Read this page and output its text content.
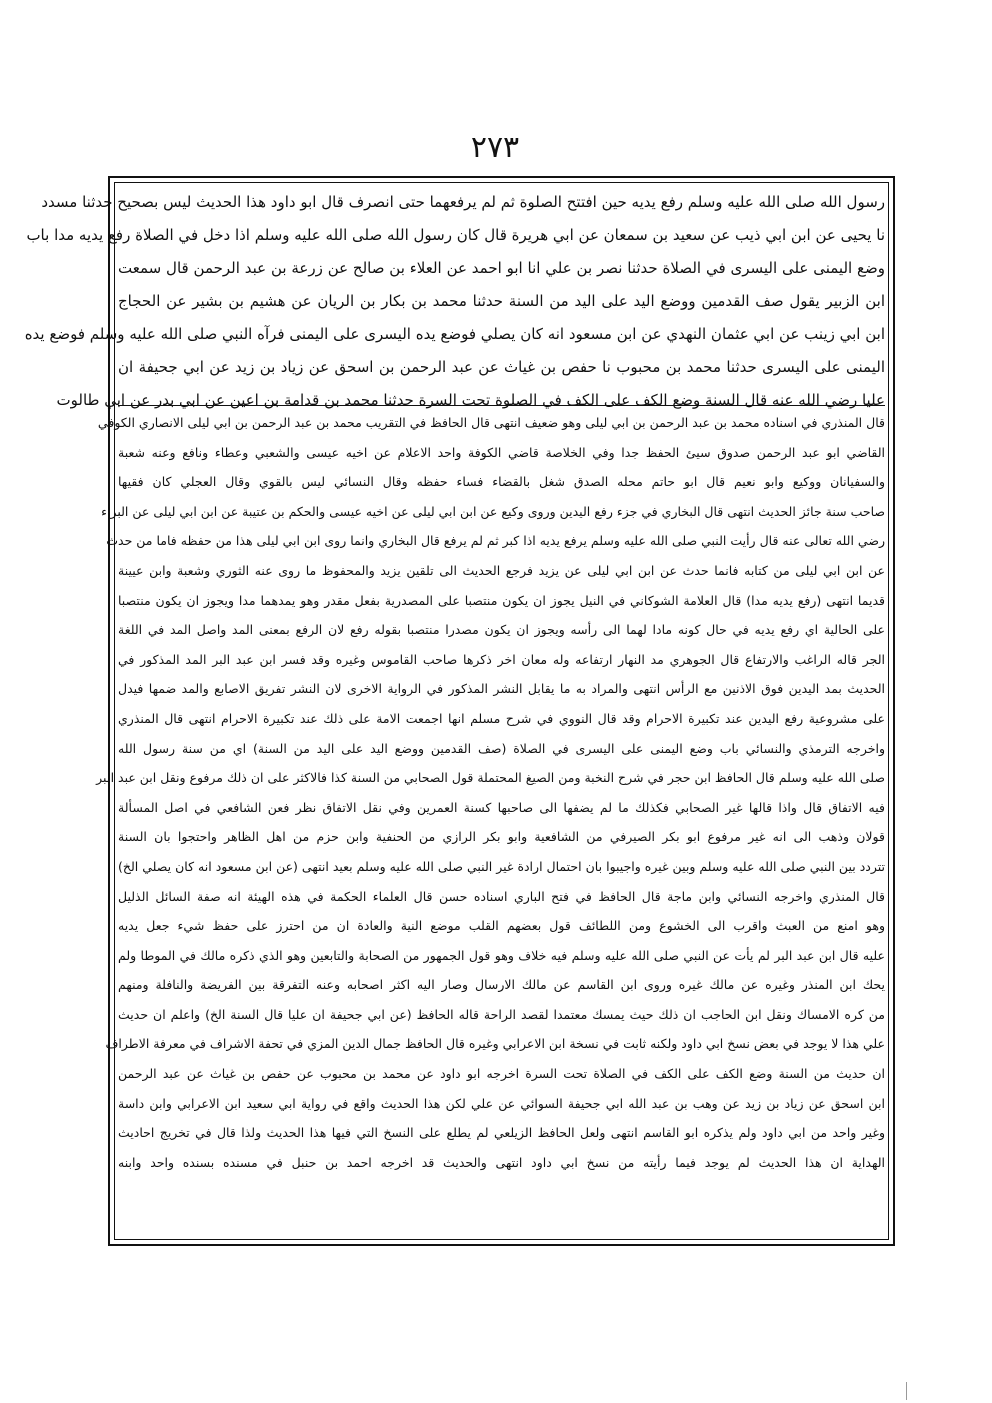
٢٧٣
رسول الله صلى الله عليه وسلم رفع يديه حين افتتح الصلوة ثم لم يرفعهما حتى انصرف قال ابو داود هذا الحديث ليس بصحيح حدثنا مسدد
نا يحيى عن ابن ابي ذيب عن سعيد بن سمعان عن ابي هريرة قال كان رسول الله صلى الله عليه وسلم اذا دخل في الصلاة رفع يديه مدا باب
وضع اليمنى على اليسرى في الصلاة حدثنا نصر بن علي انا ابو احمد عن العلاء بن صالح عن زرعة بن عبد الرحمن قال سمعت
ابن الزبير يقول صف القدمين ووضع اليد على اليد من السنة حدثنا محمد بن بكار بن الريان عن هشيم بن بشير عن الحجاج
ابن ابي زينب عن ابي عثمان النهدي عن ابن مسعود انه كان يصلي فوضع يده اليسرى على اليمنى فرآه النبي صلى الله عليه وسلم فوضع يده
اليمنى على اليسرى حدثنا محمد بن محبوب نا حفص بن غياث عن عبد الرحمن بن اسحق عن زياد بن زيد عن ابي جحيفة ان
عليا رضي الله عنه قال السنة وضع الكف على الكف في الصلوة تحت السرة حدثنا محمد بن قدامة بن اعين عن ابي بدر عن ابي طالوت
قال المنذري في اسناده محمد بن عبد الرحمن بن ابي ليلى وهو ضعيف انتهى قال الحافظ في التقريب محمد بن عبد الرحمن بن ابي ليلى الانصاري الكوفي
القاضي ابو عبد الرحمن صدوق سيئ الحفظ جدا وفي الخلاصة قاضي الكوفة واحد الاعلام عن اخيه عيسى والشعبي وعطاء ونافع وعنه شعبة
والسفيانان ووكيع وابو نعيم قال ابو حاتم محله الصدق شغل بالقضاء فساء حفظه وقال النسائي ليس بالقوي وقال العجلي كان فقيها
صاحب سنة جائز الحديث انتهى قال البخاري في جزء رفع اليدين وروى وكيع عن ابن ابي ليلى عن اخيه عيسى والحكم بن عتيبة عن ابن ابي ليلى عن البراء
رضي الله تعالى عنه قال رأيت النبي صلى الله عليه وسلم يرفع يديه اذا كبر ثم لم يرفع قال البخاري وانما روى ابن ابي ليلى هذا من حفظه فاما من حدث
عن ابن ابي ليلى من كتابه فانما حدث عن ابن ابي ليلى عن يزيد فرجع الحديث الى تلقين يزيد والمحفوظ ما روى عنه الثوري وشعبة وابن عيينة
قديما انتهى (رفع يديه مدا) قال العلامة الشوكاني في النيل يجوز ان يكون منتصبا على المصدرية بفعل مقدر وهو يمدهما مدا ويجوز ان يكون منتصبا
على الحالية اي رفع يديه في حال كونه مادا لهما الى رأسه ويجوز ان يكون مصدرا منتصبا بقوله رفع لان الرفع بمعنى المد واصل المد في اللغة
الجر قاله الراغب والارتفاع قال الجوهري مد النهار ارتفاعه وله معان اخر ذكرها صاحب القاموس وغيره وقد فسر ابن عبد البر المد المذكور في
الحديث بمد اليدين فوق الاذنين مع الرأس انتهى والمراد به ما يقابل النشر المذكور في الرواية الاخرى لان النشر تفريق الاصابع والمد ضمها فيدل
على مشروعية رفع اليدين عند تكبيرة الاحرام وقد قال النووي في شرح مسلم انها اجمعت الامة على ذلك عند تكبيرة الاحرام انتهى قال المنذري
واخرجه الترمذي والنسائي باب وضع اليمنى على اليسرى في الصلاة (صف القدمين ووضع اليد على اليد من السنة) اي من سنة رسول الله
صلى الله عليه وسلم قال الحافظ ابن حجر في شرح النخبة ومن الصيغ المحتملة قول الصحابي من السنة كذا فالاكثر على ان ذلك مرفوع ونقل ابن عبد البر
فيه الاتفاق قال واذا قالها غير الصحابي فكذلك ما لم يضفها الى صاحبها كسنة العمرين وفي نقل الاتفاق نظر فعن الشافعي في اصل المسألة
قولان وذهب الى انه غير مرفوع ابو بكر الصيرفي من الشافعية وابو بكر الرازي من الحنفية وابن حزم من اهل الظاهر واحتجوا بان السنة
تتردد بين النبي صلى الله عليه وسلم وبين غيره واجيبوا بان احتمال ارادة غير النبي صلى الله عليه وسلم بعيد انتهى (عن ابن مسعود انه كان يصلي الخ)
قال المنذري واخرجه النسائي وابن ماجة قال الحافظ في فتح الباري اسناده حسن قال العلماء الحكمة في هذه الهيئة انه صفة السائل الذليل
وهو امنع من العبث واقرب الى الخشوع ومن اللطائف قول بعضهم القلب موضع النية والعادة ان من احترز على حفظ شيء جعل يديه
عليه قال ابن عبد البر لم يأت عن النبي صلى الله عليه وسلم فيه خلاف وهو قول الجمهور من الصحابة والتابعين وهو الذي ذكره مالك في الموطا ولم
يحك ابن المنذر وغيره عن مالك غيره وروى ابن القاسم عن مالك الارسال وصار اليه اكثر اصحابه وعنه التفرقة بين الفريضة والنافلة ومنهم
من كره الامساك ونقل ابن الحاجب ان ذلك حيث يمسك معتمدا لقصد الراحة قاله الحافظ (عن ابي جحيفة ان عليا قال السنة الخ) واعلم ان حديث
علي هذا لا يوجد في بعض نسخ ابي داود ولكنه ثابت في نسخة ابن الاعرابي وغيره قال الحافظ جمال الدين المزي في تحفة الاشراف في معرفة الاطراف
ان حديث من السنة وضع الكف على الكف في الصلاة تحت السرة اخرجه ابو داود عن محمد بن محبوب عن حفص بن غياث عن عبد الرحمن
ابن اسحق عن زياد بن زيد عن وهب بن عبد الله ابي جحيفة السوائي عن علي لكن هذا الحديث واقع في رواية ابي سعيد ابن الاعرابي وابن داسة
وغير واحد من ابي داود ولم يذكره ابو القاسم انتهى ولعل الحافظ الزيلعي لم يطلع على النسخ التي فيها هذا الحديث ولذا قال في تخريج احاديث
الهداية ان هذا الحديث لم يوجد فيما رأيته من نسخ ابي داود انتهى والحديث قد اخرجه احمد بن حنبل في مسنده بسنده واحد وابنه
